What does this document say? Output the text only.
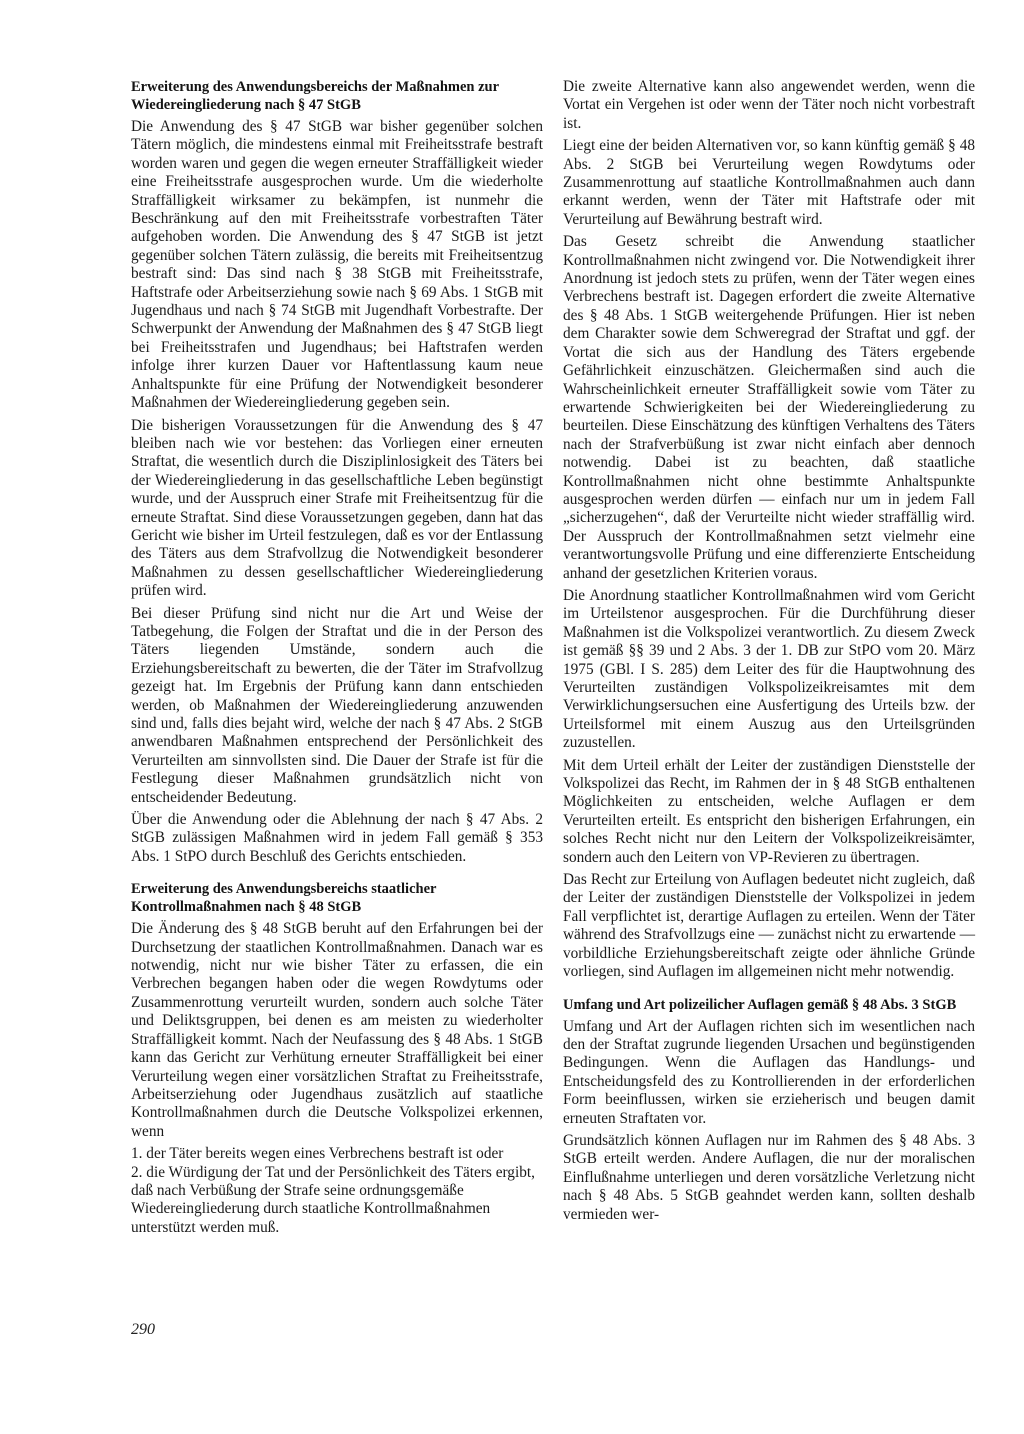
Erweiterung des Anwendungsbereichs der Maßnahmen zur Wiedereingliederung nach § 47 StGB

Die Anwendung des § 47 StGB war bisher gegenüber solchen Tätern möglich, die mindestens einmal mit Freiheitsstrafe bestraft worden waren und gegen die wegen erneuter Straffälligkeit wieder eine Freiheitsstrafe ausgesprochen wurde. Um die wiederholte Straffälligkeit wirksamer zu bekämpfen, ist nunmehr die Beschränkung auf den mit Freiheitsstrafe vorbestraften Täter aufgehoben worden. Die Anwendung des § 47 StGB ist jetzt gegenüber solchen Tätern zulässig, die bereits mit Freiheitsentzug bestraft sind: Das sind nach § 38 StGB mit Freiheitsstrafe, Haftstrafe oder Arbeitserziehung sowie nach § 69 Abs. 1 StGB mit Jugendhaus und nach § 74 StGB mit Jugendhaft Vorbestrafte. Der Schwerpunkt der Anwendung der Maßnahmen des § 47 StGB liegt bei Freiheitsstrafen und Jugendhaus; bei Haftstrafen werden infolge ihrer kurzen Dauer vor Haftentlassung kaum neue Anhaltspunkte für eine Prüfung der Notwendigkeit besonderer Maßnahmen der Wiedereingliederung gegeben sein.

Die bisherigen Voraussetzungen für die Anwendung des § 47 bleiben nach wie vor bestehen: das Vorliegen einer erneuten Straftat, die wesentlich durch die Disziplinlosigkeit des Täters bei der Wiedereingliederung in das gesellschaftliche Leben begünstigt wurde, und der Ausspruch einer Strafe mit Freiheitsentzug für die erneute Straftat. Sind diese Voraussetzungen gegeben, dann hat das Gericht wie bisher im Urteil festzulegen, daß es vor der Entlassung des Täters aus dem Strafvollzug die Notwendigkeit besonderer Maßnahmen zu dessen gesellschaftlicher Wiedereingliederung prüfen wird.

Bei dieser Prüfung sind nicht nur die Art und Weise der Tatbegehung, die Folgen der Straftat und die in der Person des Täters liegenden Umstände, sondern auch die Erziehungsbereitschaft zu bewerten, die der Täter im Strafvollzug gezeigt hat. Im Ergebnis der Prüfung kann dann entschieden werden, ob Maßnahmen der Wiedereingliederung anzuwenden sind und, falls dies bejaht wird, welche der nach § 47 Abs. 2 StGB anwendbaren Maßnahmen entsprechend der Persönlichkeit des Verurteilten am sinnvollsten sind. Die Dauer der Strafe ist für die Festlegung dieser Maßnahmen grundsätzlich nicht von entscheidender Bedeutung.

Über die Anwendung oder die Ablehnung der nach § 47 Abs. 2 StGB zulässigen Maßnahmen wird in jedem Fall gemäß § 353 Abs. 1 StPO durch Beschluß des Gerichts entschieden.

Erweiterung des Anwendungsbereichs staatlicher Kontrollmaßnahmen nach § 48 StGB

Die Änderung des § 48 StGB beruht auf den Erfahrungen bei der Durchsetzung der staatlichen Kontrollmaßnahmen. Danach war es notwendig, nicht nur wie bisher Täter zu erfassen, die ein Verbrechen begangen haben oder die wegen Rowdytums oder Zusammenrottung verurteilt wurden, sondern auch solche Täter und Deliktsgruppen, bei denen es am meisten zu wiederholter Straffälligkeit kommt. Nach der Neufassung des § 48 Abs. 1 StGB kann das Gericht zur Verhütung erneuter Straffälligkeit bei einer Verurteilung wegen einer vorsätzlichen Straftat zu Freiheitsstrafe, Arbeitserziehung oder Jugendhaus zusätzlich auf staatliche Kontrollmaßnahmen durch die Deutsche Volkspolizei erkennen, wenn

1. der Täter bereits wegen eines Verbrechens bestraft ist oder

2. die Würdigung der Tat und der Persönlichkeit des Täters ergibt, daß nach Verbüßung der Strafe seine ordnungsgemäße Wiedereingliederung durch staatliche Kontrollmaßnahmen unterstützt werden muß.

Die zweite Alternative kann also angewendet werden, wenn die Vortat ein Vergehen ist oder wenn der Täter noch nicht vorbestraft ist.

Liegt eine der beiden Alternativen vor, so kann künftig gemäß § 48 Abs. 2 StGB bei Verurteilung wegen Rowdytums oder Zusammenrottung auf staatliche Kontrollmaßnahmen auch dann erkannt werden, wenn der Täter mit Haftstrafe oder mit Verurteilung auf Bewährung bestraft wird.

Das Gesetz schreibt die Anwendung staatlicher Kontrollmaßnahmen nicht zwingend vor. Die Notwendigkeit ihrer Anordnung ist jedoch stets zu prüfen, wenn der Täter wegen eines Verbrechens bestraft ist. Dagegen erfordert die zweite Alternative des § 48 Abs. 1 StGB weitergehende Prüfungen. Hier ist neben dem Charakter sowie dem Schweregrad der Straftat und ggf. der Vortat die sich aus der Handlung des Täters ergebende Gefährlichkeit einzuschätzen. Gleichermaßen sind auch die Wahrscheinlichkeit erneuter Straffälligkeit sowie vom Täter zu erwartende Schwierigkeiten bei der Wiedereingliederung zu beurteilen. Diese Einschätzung des künftigen Verhaltens des Täters nach der Strafverbüßung ist zwar nicht einfach aber dennoch notwendig. Dabei ist zu beachten, daß staatliche Kontrollmaßnahmen nicht ohne bestimmte Anhaltspunkte ausgesprochen werden dürfen — einfach nur um in jedem Fall „sicherzugehen“, daß der Verurteilte nicht wieder straffällig wird. Der Ausspruch der Kontrollmaßnahmen setzt vielmehr eine verantwortungsvolle Prüfung und eine differenzierte Entscheidung anhand der gesetzlichen Kriterien voraus.

Die Anordnung staatlicher Kontrollmaßnahmen wird vom Gericht im Urteilstenor ausgesprochen. Für die Durchführung dieser Maßnahmen ist die Volkspolizei verantwortlich. Zu diesem Zweck ist gemäß §§ 39 und 2 Abs. 3 der 1. DB zur StPO vom 20. März 1975 (GBl. I S. 285) dem Leiter des für die Hauptwohnung des Verurteilten zuständigen Volkspolizeikreisamtes mit dem Verwirklichungsersuchen eine Ausfertigung des Urteils bzw. der Urteilsformel mit einem Auszug aus den Urteilsgründen zuzustellen.

Mit dem Urteil erhält der Leiter der zuständigen Dienststelle der Volkspolizei das Recht, im Rahmen der in § 48 StGB enthaltenen Möglichkeiten zu entscheiden, welche Auflagen er dem Verurteilten erteilt. Es entspricht den bisherigen Erfahrungen, ein solches Recht nicht nur den Leitern der Volkspolizeikreisämter, sondern auch den Leitern von VP-Revieren zu übertragen.

Das Recht zur Erteilung von Auflagen bedeutet nicht zugleich, daß der Leiter der zuständigen Dienststelle der Volkspolizei in jedem Fall verpflichtet ist, derartige Auflagen zu erteilen. Wenn der Täter während des Strafvollzugs eine — zunächst nicht zu erwartende — vorbildliche Erziehungsbereitschaft zeigte oder ähnliche Gründe vorliegen, sind Auflagen im allgemeinen nicht mehr notwendig.

Umfang und Art polizeilicher Auflagen gemäß § 48 Abs. 3 StGB

Umfang und Art der Auflagen richten sich im wesentlichen nach den der Straftat zugrunde liegenden Ursachen und begünstigenden Bedingungen. Wenn die Auflagen das Handlungs- und Entscheidungsfeld des zu Kontrollierenden in der erforderlichen Form beeinflussen, wirken sie erzieherisch und beugen damit erneuten Straftaten vor.

Grundsätzlich können Auflagen nur im Rahmen des § 48 Abs. 3 StGB erteilt werden. Andere Auflagen, die nur der moralischen Einflußnahme unterliegen und deren vorsätzliche Verletzung nicht nach § 48 Abs. 5 StGB geahndet werden kann, sollten deshalb vermieden wer-

290
